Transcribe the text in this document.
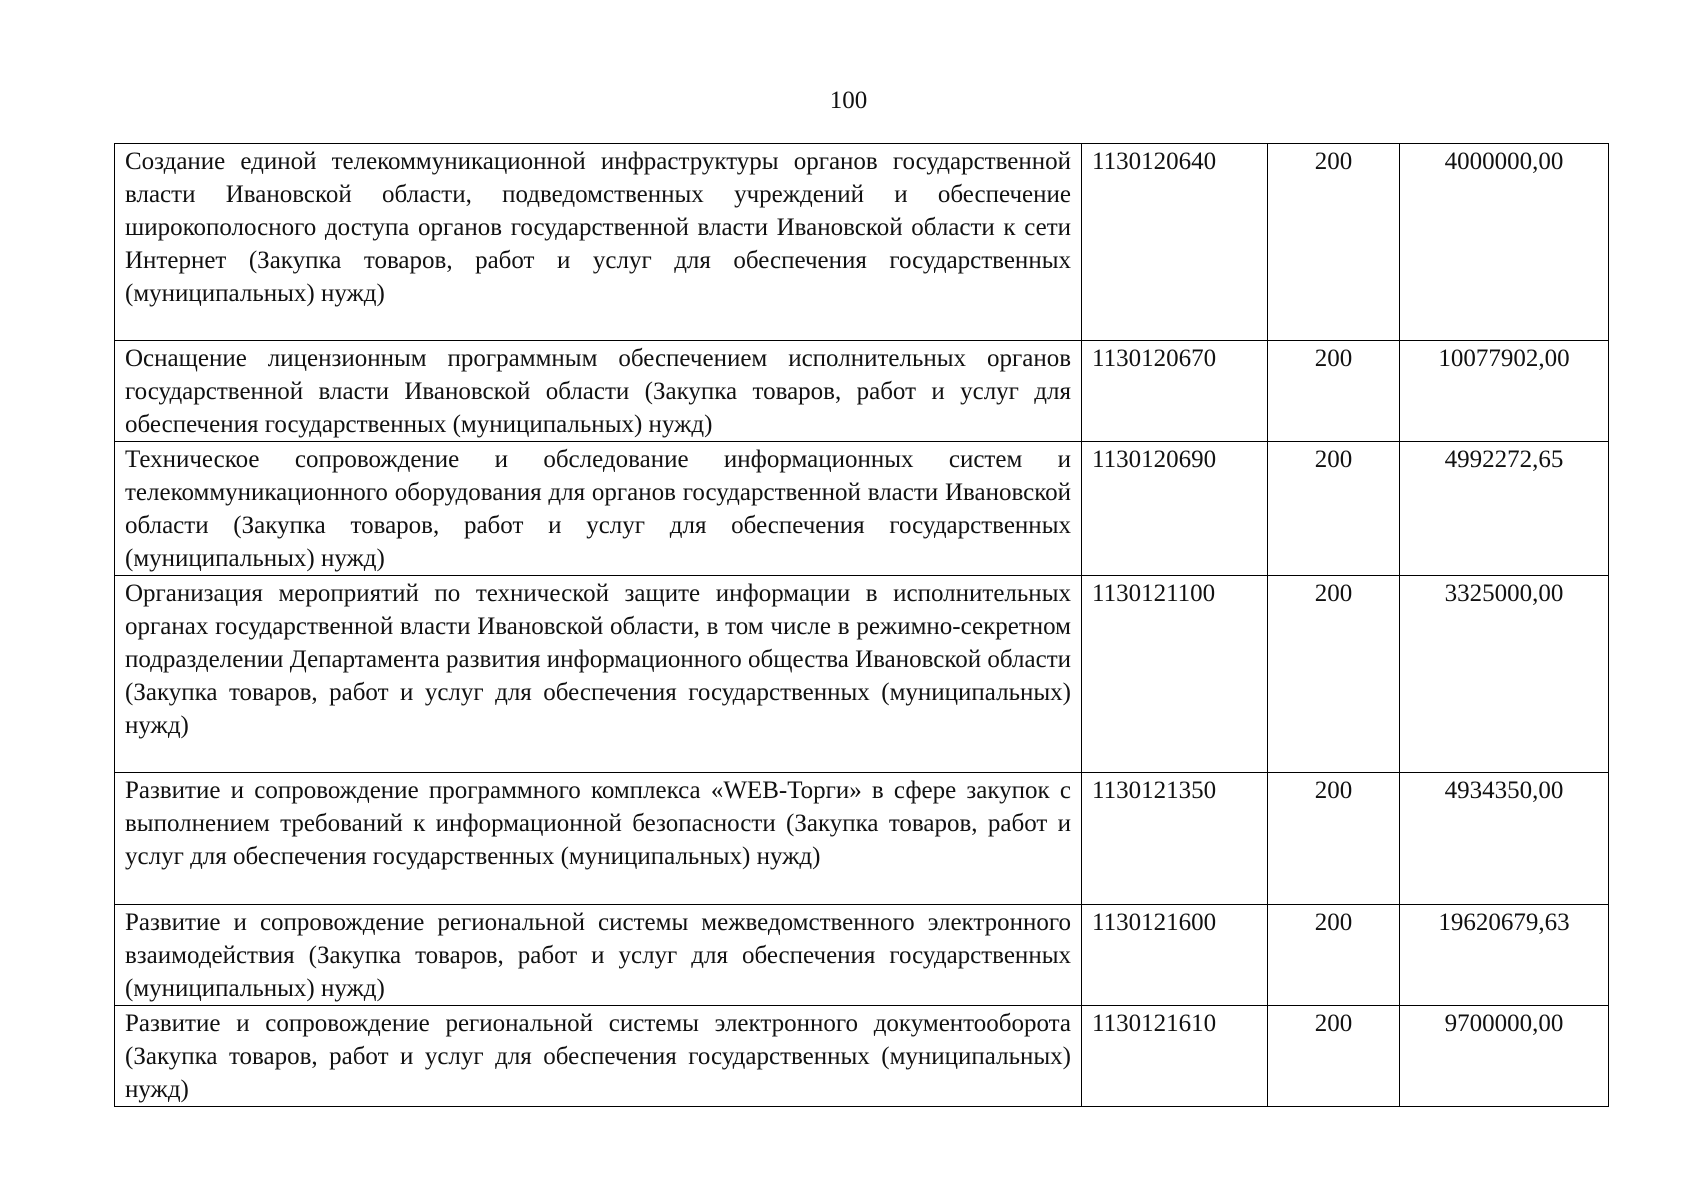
100
Создание единой телекоммуникационной инфраструктуры органов государственной власти Ивановской области, подведомственных учреждений и обеспечение широкополосного доступа органов государственной власти Ивановской области к сети Интернет (Закупка товаров, работ и услуг для обеспечения государственных (муниципальных) нужд)	1130120640	200	4000000,00
Оснащение лицензионным программным обеспечением исполнительных органов государственной власти Ивановской области (Закупка товаров, работ и услуг для обеспечения государственных (муниципальных) нужд)	1130120670	200	10077902,00
Техническое сопровождение и обследование информационных систем и телекоммуникационного оборудования для органов государственной власти Ивановской области (Закупка товаров, работ и услуг для обеспечения государственных (муниципальных) нужд)	1130120690	200	4992272,65
Организация мероприятий по технической защите информации в исполнительных органах государственной власти Ивановской области, в том числе в режимно-секретном подразделении Департамента развития информационного общества Ивановской области (Закупка товаров, работ и услуг для обеспечения государственных (муниципальных) нужд)	1130121100	200	3325000,00
Развитие и сопровождение программного комплекса «WEB-Торги» в сфере закупок с выполнением требований к информационной безопасности (Закупка товаров, работ и услуг для обеспечения государственных (муниципальных) нужд)	1130121350	200	4934350,00
Развитие и сопровождение региональной системы межведомственного электронного взаимодействия (Закупка товаров, работ и услуг для обеспечения государственных (муниципальных) нужд)	1130121600	200	19620679,63
Развитие и сопровождение региональной системы электронного документооборота (Закупка товаров, работ и услуг для обеспечения государственных (муниципальных) нужд)	1130121610	200	9700000,00
